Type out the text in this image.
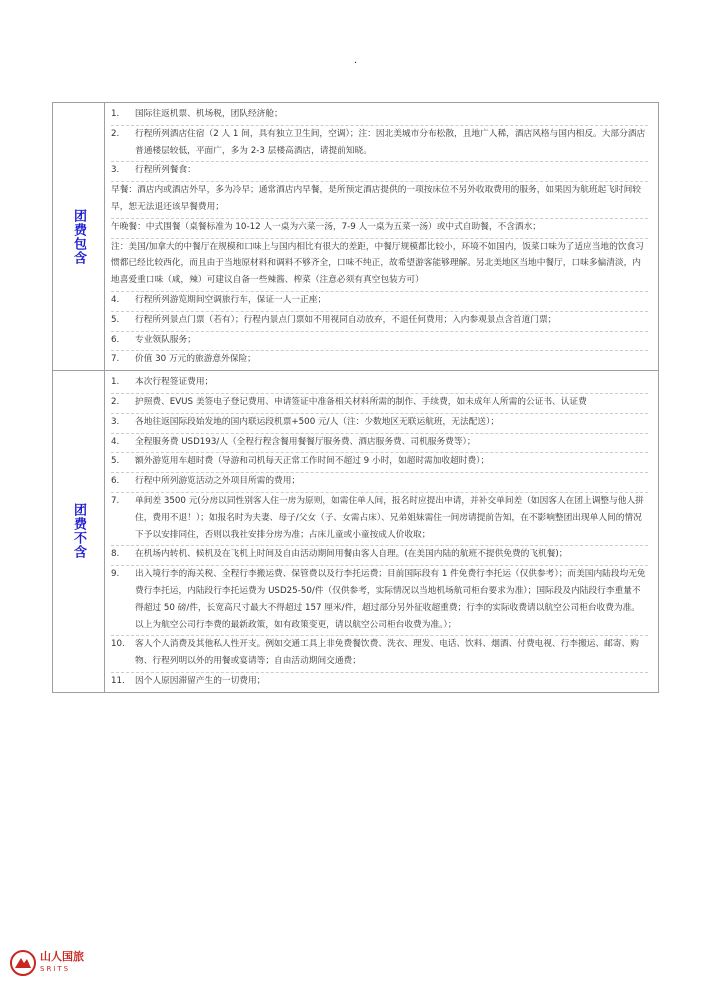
.
团费包含
1.	国际往返机票、机场税，团队经济舱；
2.	行程所列酒店住宿（2 人 1 间，具有独立卫生间，空调）；注：因北美城市分布松散，且地广人稀，酒店风格与国内相反。大部分酒店普通楼层较低，平面广，多为 2-3 层楼高酒店，请提前知晓。
3.	行程所列餐食：
早餐：酒店内或酒店外早，多为冷早；通常酒店内早餐，是所预定酒店提供的一项按床位不另外收取费用的服务，如果因为航班起飞时间较早，恕无法退还该早餐费用；
午晚餐：中式围餐（桌餐标准为 10-12 人一桌为六菜一汤，7-9 人一桌为五菜一汤）或中式自助餐，不含酒水；
注：美国/加拿大的中餐厅在规模和口味上与国内相比有很大的差距，中餐厅规模都比较小，环境不如国内，饭菜口味为了适应当地的饮食习惯都已经比较西化，而且由于当地原材料和调料不够齐全，口味不纯正，故希望游客能够理解。另北美地区当地中餐厅，口味多偏清淡，内地喜爱重口味（咸，辣）可建议自备一些辣酱、榨菜（注意必须有真空包装方可）
4.	行程所列游览期间空调旅行车，保证一人一正座；
5.	行程所列景点门票（若有）；行程内景点门票如不用视同自动放弃，不退任何费用；入内参观景点含首道门票；
6.	专业领队服务；
7.	价值 30 万元的旅游意外保险；
团费不含
1.	本次行程签证费用；
2.	护照费、EVUS 美签电子登记费用、申请签证中准备相关材料所需的制作、手续费，如未成年人所需的公证书、认证费
3.	各地往返国际段始发地的国内联运段机票+500 元/人（注：少数地区无联运航班，无法配送）；
4.	全程服务费 USD193/人（全程行程含餐用餐餐厅服务费、酒店服务费、司机服务费等）；
5.	额外游览用车超时费（导游和司机每天正常工作时间不超过 9 小时，如超时需加收超时费）；
6.	行程中所列游览活动之外项目所需的费用；
7.	单间差 3500 元(分房以同性别客人住一房为原则，如需住单人间，报名时应提出申请，并补交单间差（如因客人在团上调整与他人拼住，费用不退！）；如报名时为夫妻、母子/父女（子、女需占床）、兄弟姐妹需住一间房请提前告知，在不影响整团出现单人间的情况下予以安排同住，否则以我社安排分房为准；占床儿童或小童按成人价收取；
8.	在机场内转机、候机及在飞机上时间及自由活动期间用餐由客人自理。(在美国内陆的航班不提供免费的飞机餐)；
9.	出入境行李的海关税、全程行李搬运费、保管费以及行李托运费；目前国际段有 1 件免费行李托运（仅供参考）；而美国内陆段均无免费行李托运，内陆段行李托运费为 USD25-50/件（仅供参考，实际情况以当地机场航司柜台要求为准）；国际段及内陆段行李重量不得超过 50 磅/件，长宽高尺寸最大不得超过 157 厘米/件，超过部分另外征收超重费；行李的实际收费请以航空公司柜台收费为准。以上为航空公司行李费的最新政策，如有政策变更，请以航空公司柜台收费为准。）；
10.	客人个人消费及其他私人性开支。例如交通工具上非免费餐饮费、洗衣、理发、电话、饮料、烟酒、付费电视、行李搬运、邮寄、购物、行程列明以外的用餐或宴请等；自由活动期间交通费；
11.	因个人原因滞留产生的一切费用；
山人国旅
SRITS
